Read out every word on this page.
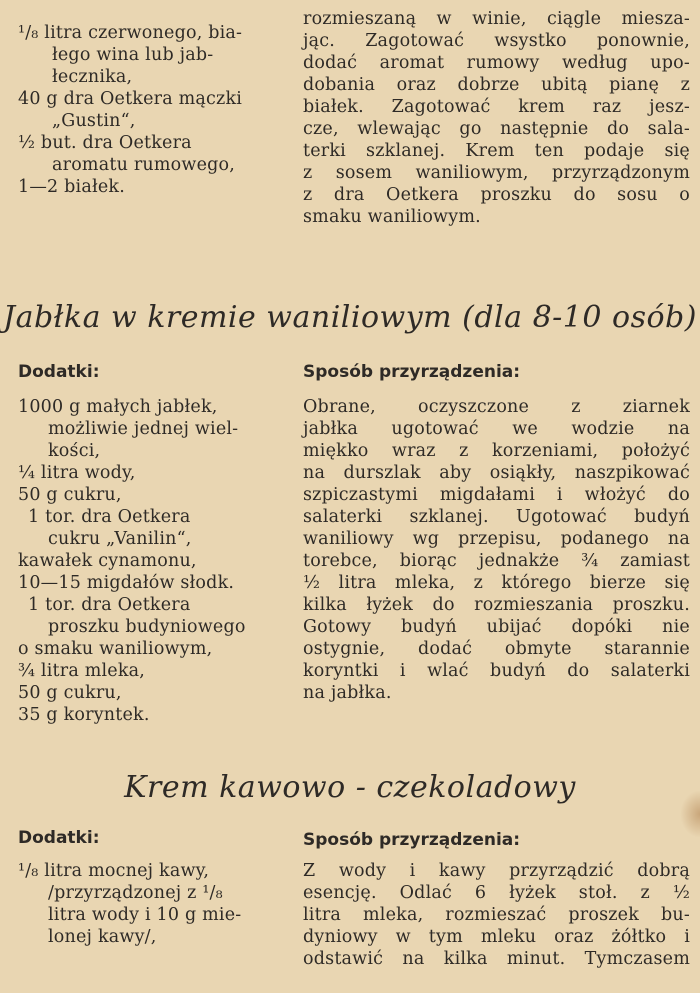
¹/₈ litra czerwonego, bia-
łego wina lub jab-
łecznika,
40 g dra Oetkera mączki
„Gustin“,
½ but. dra Oetkera
aromatu rumowego,
1—2 białek.
rozmieszaną w winie, ciągle miesza-
jąc. Zagotować wsystko ponownie,
dodać aromat rumowy według upo-
dobania oraz dobrze ubitą pianę z
białek. Zagotować krem raz jesz-
cze, wlewając go następnie do sala-
terki szklanej. Krem ten podaje się
z sosem waniliowym, przyrządzonym
z dra Oetkera proszku do sosu o
smaku waniliowym.
Jabłka w kremie waniliowym (dla 8-10 osób)
Dodatki:	Sposób przyrządzenia:
1000 g małych jabłek,
możliwie jednej wiel-
kości,
¼ litra wody,
50 g cukru,
1 tor. dra Oetkera
cukru „Vanilin“,
kawałek cynamonu,
10—15 migdałów słodk.
1 tor. dra Oetkera
proszku budyniowego
o smaku waniliowym,
¾ litra mleka,
50 g cukru,
35 g koryntek.
Obrane, oczyszczone z ziarnek
jabłka ugotować we wodzie na
miękko wraz z korzeniami, położyć
na durszlak aby osiąkły, naszpikować
szpiczastymi migdałami i włożyć do
salaterki szklanej. Ugotować budyń
waniliowy wg przepisu, podanego na
torebce, biorąc jednakże ¾ zamiast
½ litra mleka, z którego bierze się
kilka łyżek do rozmieszania proszku.
Gotowy budyń ubijać dopóki nie
ostygnie, dodać obmyte starannie
koryntki i wlać budyń do salaterki
na jabłka.
Krem kawowo - czekoladowy
Dodatki:	Sposób przyrządzenia:
¹/₈ litra mocnej kawy,
/przyrządzonej z ¹/₈
litra wody i 10 g mie-
lonej kawy/,
Z wody i kawy przyrządzić dobrą
esencję. Odlać 6 łyżek stoł. z ½
litra mleka, rozmieszać proszek bu-
dyniowy w tym mleku oraz żółtko i
odstawić na kilka minut. Tymczasem
